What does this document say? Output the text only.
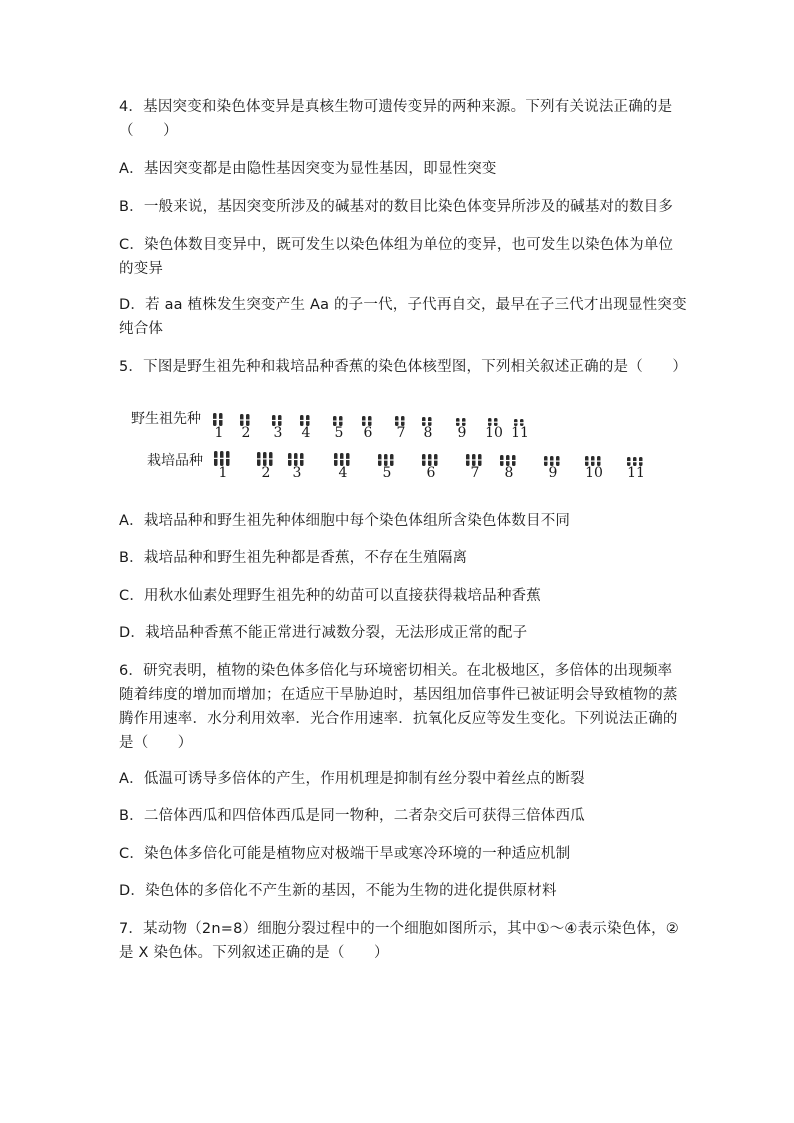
4．基因突变和染色体变异是真核生物可遗传变异的两种来源。下列有关说法正确的是
（　　）
A．基因突变都是由隐性基因突变为显性基因，即显性突变
B．一般来说，基因突变所涉及的碱基对的数目比染色体变异所涉及的碱基对的数目多
C．染色体数目变异中，既可发生以染色体组为单位的变异，也可发生以染色体为单位
的变异
D．若 aa 植株发生突变产生 Aa 的子一代，子代再自交，最早在子三代才出现显性突变
纯合体
5．下图是野生祖先种和栽培品种香蕉的染色体核型图，下列相关叙述正确的是（　　）
野生祖先种
栽培品种
1	2	3	4	5	6	7	8	9	10 11
1	2	3	4	5	6	7	8	9	10 11
A．栽培品种和野生祖先种体细胞中每个染色体组所含染色体数目不同
B．栽培品种和野生祖先种都是香蕉，不存在生殖隔离
C．用秋水仙素处理野生祖先种的幼苗可以直接获得栽培品种香蕉
D．栽培品种香蕉不能正常进行减数分裂，无法形成正常的配子
6．研究表明，植物的染色体多倍化与环境密切相关。在北极地区，多倍体的出现频率
随着纬度的增加而增加；在适应干旱胁迫时，基因组加倍事件已被证明会导致植物的蒸
腾作用速率．水分利用效率．光合作用速率．抗氧化反应等发生变化。下列说法正确的
是（　　）
A．低温可诱导多倍体的产生，作用机理是抑制有丝分裂中着丝点的断裂
B．二倍体西瓜和四倍体西瓜是同一物种，二者杂交后可获得三倍体西瓜
C．染色体多倍化可能是植物应对极端干旱或寒冷环境的一种适应机制
D．染色体的多倍化不产生新的基因，不能为生物的进化提供原材料
7．某动物（2n=8）细胞分裂过程中的一个细胞如图所示，其中①～④表示染色体，②
是 X 染色体。下列叙述正确的是（　　）
